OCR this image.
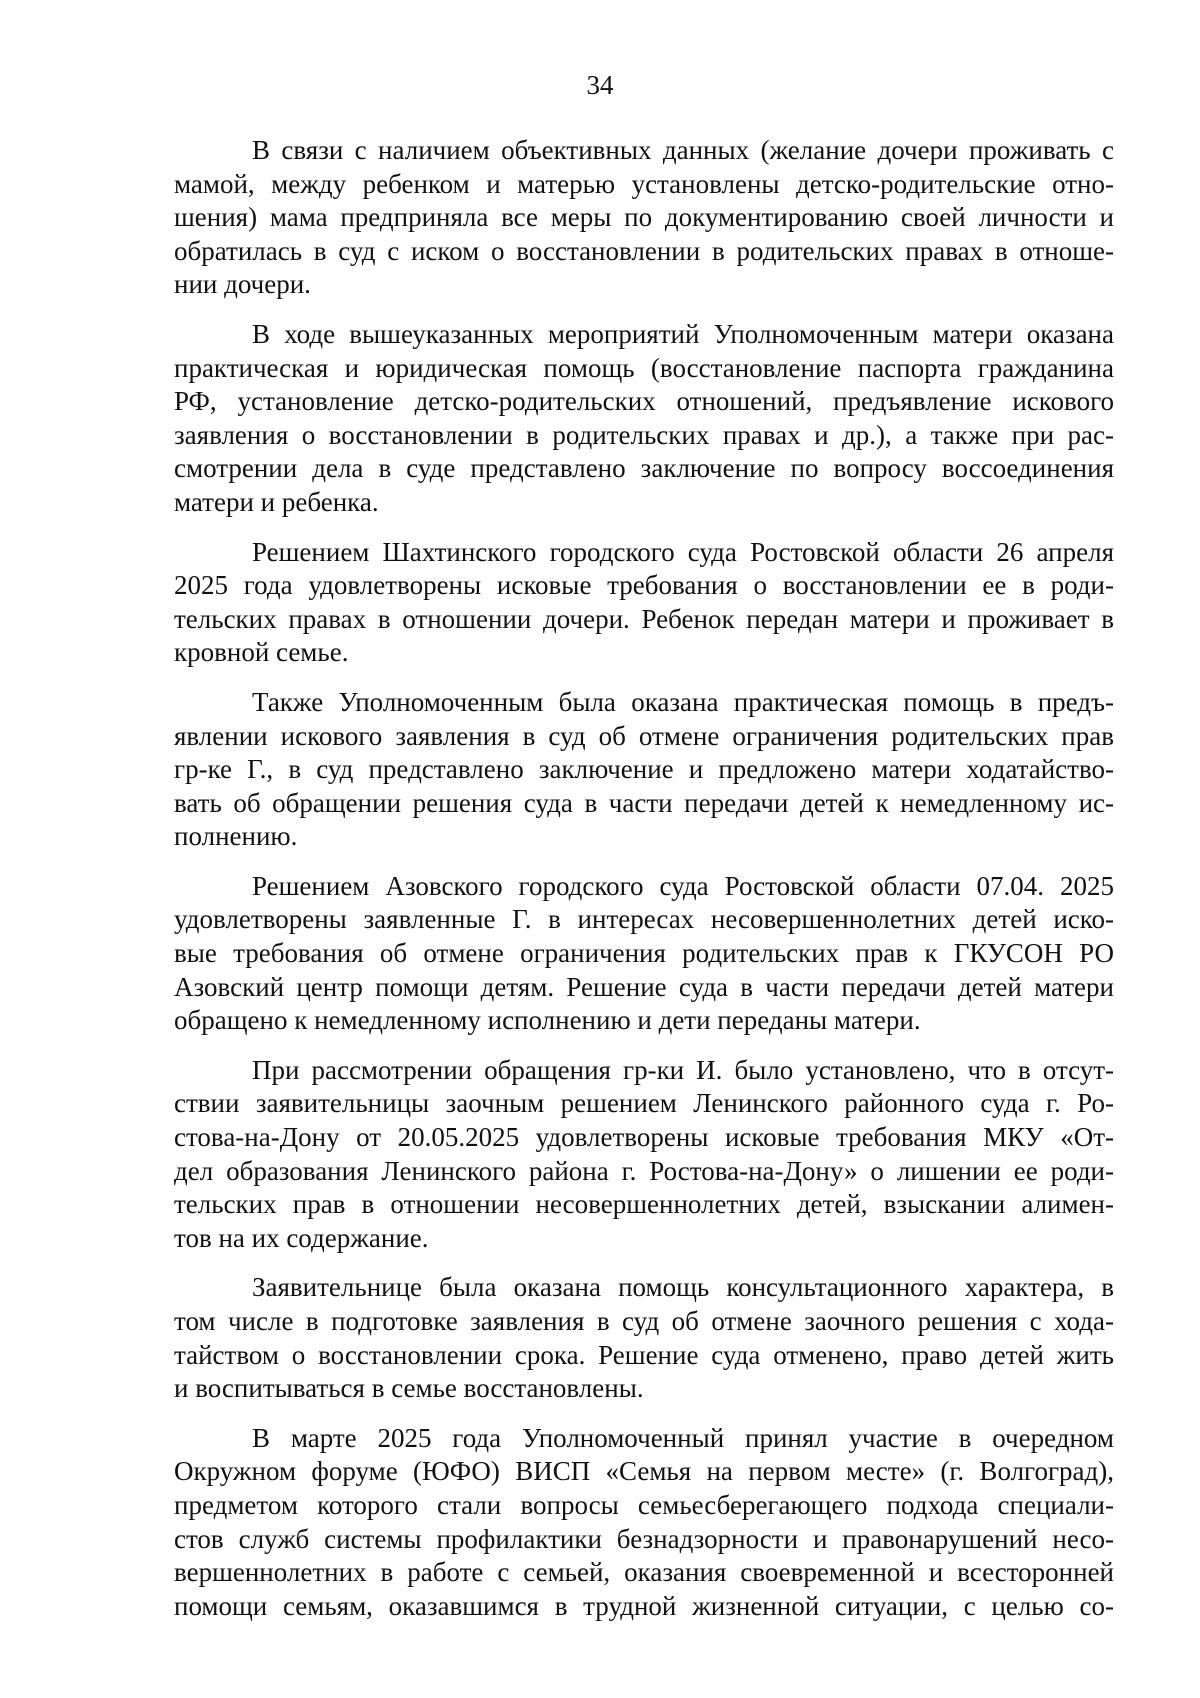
34

В связи с наличием объективных данных (желание дочери проживать с
мамой, между ребенком и матерью установлены детско-родительские отно-
шения) мама предприняла все меры по документированию своей личности и
обратилась в суд с иском о восстановлении в родительских правах в отноше-
нии дочери.

В ходе вышеуказанных мероприятий Уполномоченным матери оказана
практическая и юридическая помощь (восстановление паспорта гражданина
РФ, установление детско-родительских отношений, предъявление искового
заявления о восстановлении в родительских правах и др.), а также при рас-
смотрении дела в суде представлено заключение по вопросу воссоединения
матери и ребенка.

Решением Шахтинского городского суда Ростовской области 26 апреля
2025 года удовлетворены исковые требования о восстановлении ее в роди-
тельских правах в отношении дочери. Ребенок передан матери и проживает в
кровной семье.

Также Уполномоченным была оказана практическая помощь в предъ-
явлении искового заявления в суд об отмене ограничения родительских прав
гр-ке Г., в суд представлено заключение и предложено матери ходатайство-
вать об обращении решения суда в части передачи детей к немедленному ис-
полнению.

Решением Азовского городского суда Ростовской области 07.04. 2025
удовлетворены заявленные Г. в интересах несовершеннолетних детей иско-
вые требования об отмене ограничения родительских прав к ГКУСОН РО
Азовский центр помощи детям. Решение суда в части передачи детей матери
обращено к немедленному исполнению и дети переданы матери.

При рассмотрении обращения гр-ки И. было установлено, что в отсут-
ствии заявительницы заочным решением Ленинского районного суда г. Ро-
стова-на-Дону от 20.05.2025 удовлетворены исковые требования МКУ «От-
дел образования Ленинского района г. Ростова-на-Дону» о лишении ее роди-
тельских прав в отношении несовершеннолетних детей, взыскании алимен-
тов на их содержание.

Заявительнице была оказана помощь консультационного характера, в
том числе в подготовке заявления в суд об отмене заочного решения с хода-
тайством о восстановлении срока. Решение суда отменено, право детей жить
и воспитываться в семье восстановлены.

В марте 2025 года Уполномоченный принял участие в очередном
Окружном форуме (ЮФО) ВИСП «Семья на первом месте» (г. Волгоград),
предметом которого стали вопросы семьесберегающего подхода специали-
стов служб системы профилактики безнадзорности и правонарушений несо-
вершеннолетних в работе с семьей, оказания своевременной и всесторонней
помощи семьям, оказавшимся в трудной жизненной ситуации, с целью со-
